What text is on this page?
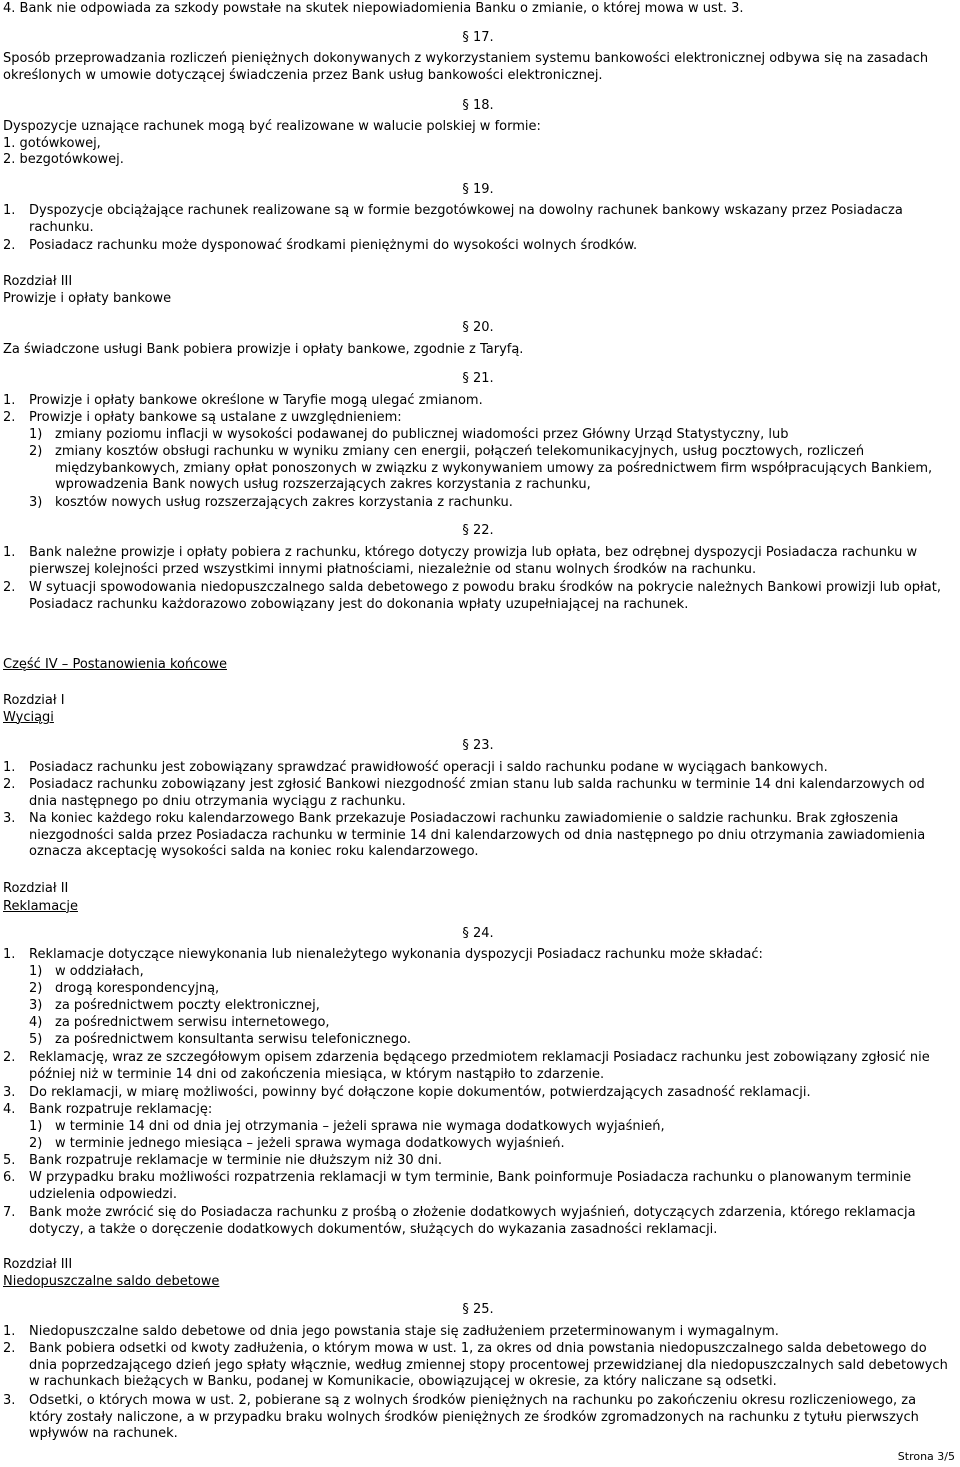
4. Bank nie odpowiada za szkody powstałe na skutek niepowiadomienia Banku o zmianie, o której mowa w ust. 3.
§ 17.
Sposób przeprowadzania rozliczeń pieniężnych dokonywanych z wykorzystaniem systemu bankowości elektronicznej odbywa się na zasadach określonych w umowie dotyczącej świadczenia przez Bank usług bankowości elektronicznej.
§ 18.
Dyspozycje uznające rachunek mogą być realizowane w walucie polskiej w formie:
1. gotówkowej,
2. bezgotówkowej.
§ 19.
1. Dyspozycje obciążające rachunek realizowane są w formie bezgotówkowej na dowolny rachunek bankowy wskazany przez Posiadacza rachunku.
2. Posiadacz rachunku może dysponować środkami pieniężnymi do wysokości wolnych środków.
Rozdział III
Prowizje i opłaty bankowe
§ 20.
Za świadczone usługi Bank pobiera prowizje i opłaty bankowe, zgodnie z Taryfą.
§ 21.
1. Prowizje i opłaty bankowe określone w Taryfie mogą ulegać zmianom.
2. Prowizje i opłaty bankowe są ustalane z uwzględnieniem:
1) zmiany poziomu inflacji w wysokości podawanej do publicznej wiadomości przez Główny Urząd Statystyczny, lub
2) zmiany kosztów obsługi rachunku w wyniku zmiany cen energii, połączeń telekomunikacyjnych, usług pocztowych, rozliczeń międzybankowych, zmiany opłat ponoszonych w związku z wykonywaniem umowy za pośrednictwem firm współpracujących Bankiem, wprowadzenia Bank nowych usług rozszerzających zakres korzystania z rachunku,
3) kosztów nowych usług rozszerzających zakres korzystania z rachunku.
§ 22.
1. Bank należne prowizje i opłaty pobiera z rachunku, którego dotyczy prowizja lub opłata, bez odrębnej dyspozycji Posiadacza rachunku w pierwszej kolejności przed wszystkimi innymi płatnościami, niezależnie od stanu wolnych środków na rachunku.
2. W sytuacji spowodowania niedopuszczalnego salda debetowego z powodu braku środków na pokrycie należnych Bankowi prowizji lub opłat, Posiadacz rachunku każdorazowo zobowiązany jest do dokonania wpłaty uzupełniającej na rachunek.
Część IV – Postanowienia końcowe
Rozdział I
Wyciągi
§ 23.
1. Posiadacz rachunku jest zobowiązany sprawdzać prawidłowość operacji i saldo rachunku podane w wyciągach bankowych.
2. Posiadacz rachunku zobowiązany jest zgłosić Bankowi niezgodność zmian stanu lub salda rachunku w terminie 14 dni kalendarzowych od dnia następnego po dniu otrzymania wyciągu z rachunku.
3. Na koniec każdego roku kalendarzowego Bank przekazuje Posiadaczowi rachunku zawiadomienie o saldzie rachunku. Brak zgłoszenia niezgodności salda przez Posiadacza rachunku w terminie 14 dni kalendarzowych od dnia następnego po dniu otrzymania zawiadomienia oznacza akceptację wysokości salda na koniec roku kalendarzowego.
Rozdział II
Reklamacje
§ 24.
1. Reklamacje dotyczące niewykonania lub nienależytego wykonania dyspozycji Posiadacz rachunku może składać:
1) w oddziałach,
2) drogą korespondencyjną,
3) za pośrednictwem poczty elektronicznej,
4) za pośrednictwem serwisu internetowego,
5) za pośrednictwem konsultanta serwisu telefonicznego.
2. Reklamację, wraz ze szczegółowym opisem zdarzenia będącego przedmiotem reklamacji Posiadacz rachunku jest zobowiązany zgłosić nie później niż w terminie 14 dni od zakończenia miesiąca, w którym nastąpiło to zdarzenie.
3. Do reklamacji, w miarę możliwości, powinny być dołączone kopie dokumentów, potwierdzających zasadność reklamacji.
4. Bank rozpatruje reklamację:
1) w terminie 14 dni od dnia jej otrzymania – jeżeli sprawa nie wymaga dodatkowych wyjaśnień,
2) w terminie jednego miesiąca – jeżeli sprawa wymaga dodatkowych wyjaśnień.
5. Bank rozpatruje reklamacje w terminie nie dłuższym niż 30 dni.
6. W przypadku braku możliwości rozpatrzenia reklamacji w tym terminie, Bank poinformuje Posiadacza rachunku o planowanym terminie udzielenia odpowiedzi.
7. Bank może zwrócić się do Posiadacza rachunku z prośbą o złożenie dodatkowych wyjaśnień, dotyczących zdarzenia, którego reklamacja dotyczy, a także o doręczenie dodatkowych dokumentów, służących do wykazania zasadności reklamacji.
Rozdział III
Niedopuszczalne saldo debetowe
§ 25.
1. Niedopuszczalne saldo debetowe od dnia jego powstania staje się zadłużeniem przeterminowanym i wymagalnym.
2. Bank pobiera odsetki od kwoty zadłużenia, o którym mowa w ust. 1, za okres od dnia powstania niedopuszczalnego salda debetowego do dnia poprzedzającego dzień jego spłaty włącznie, według zmiennej stopy procentowej przewidzianej dla niedopuszczalnych sald debetowych w rachunkach bieżących w Banku, podanej w Komunikacie, obowiązującej w okresie, za który naliczane są odsetki.
3. Odsetki, o których mowa w ust. 2, pobierane są z wolnych środków pieniężnych na rachunku po zakończeniu okresu rozliczeniowego, za który zostały naliczone, a w przypadku braku wolnych środków pieniężnych ze środków zgromadzonych na rachunku z tytułu pierwszych wpływów na rachunek.
Strona 3/5
